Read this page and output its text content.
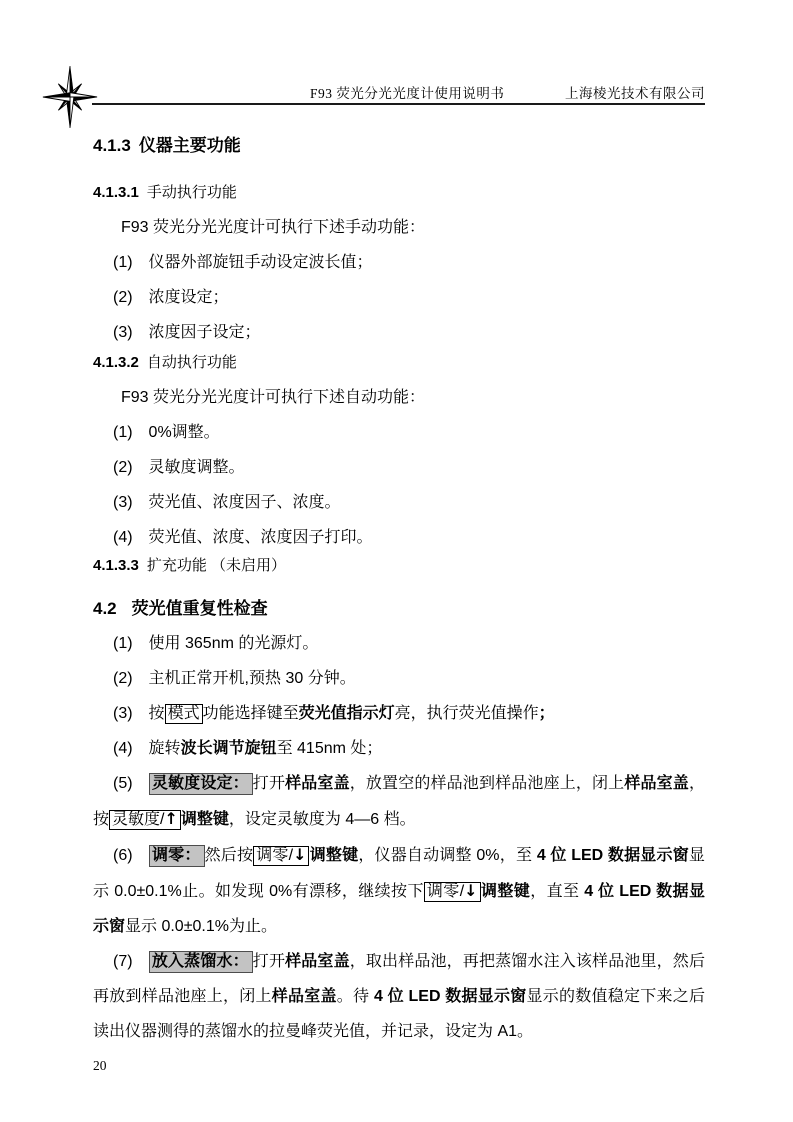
F93 荧光分光光度计使用说明书	上海棱光技术有限公司
4.1.3 仪器主要功能
4.1.3.1 手动执行功能

F93 荧光分光光度计可执行下述手动功能：

(1)　仪器外部旋钮手动设定波长值；

(2)　浓度设定；

(3)　浓度因子设定；

4.1.3.2 自动执行功能

F93 荧光分光光度计可执行下述自动功能：

(1)　0%调整。

(2)　灵敏度调整。

(3)　荧光值、浓度因子、浓度。

(4)　荧光值、浓度、浓度因子打印。

4.1.3.3 扩充功能 （未启用）
4.2 荧光值重复性检查

(1)　使用 365nm 的光源灯。

(2)　主机正常开机,预热 30 分钟。

(3)　按 模式 功能选择键至荧光值指示灯亮，执行荧光值操作；

(4)　旋转波长调节旋钮至 415nm 处；

(5)　灵敏度设定： 打开样品室盖，放置空的样品池到样品池座上，闭上样品室盖，按 灵敏度/↑ 调整键，设定灵敏度为 4—6 档。

(6)　调零： 然后按 调零/↓ 调整键，仪器自动调整 0%，至 4 位 LED 数据显示窗显示 0.0±0.1%止。如发现 0%有漂移，继续按下 调零/↓ 调整键，直至 4 位 LED 数据显示窗显示 0.0±0.1%为止。

(7)　放入蒸馏水： 打开样品室盖，取出样品池，再把蒸馏水注入该样品池里，然后再放到样品池座上，闭上样品室盖。待 4 位 LED 数据显示窗显示的数值稳定下来之后读出仪器测得的蒸馏水的拉曼峰荧光值，并记录，设定为 A1。

20
